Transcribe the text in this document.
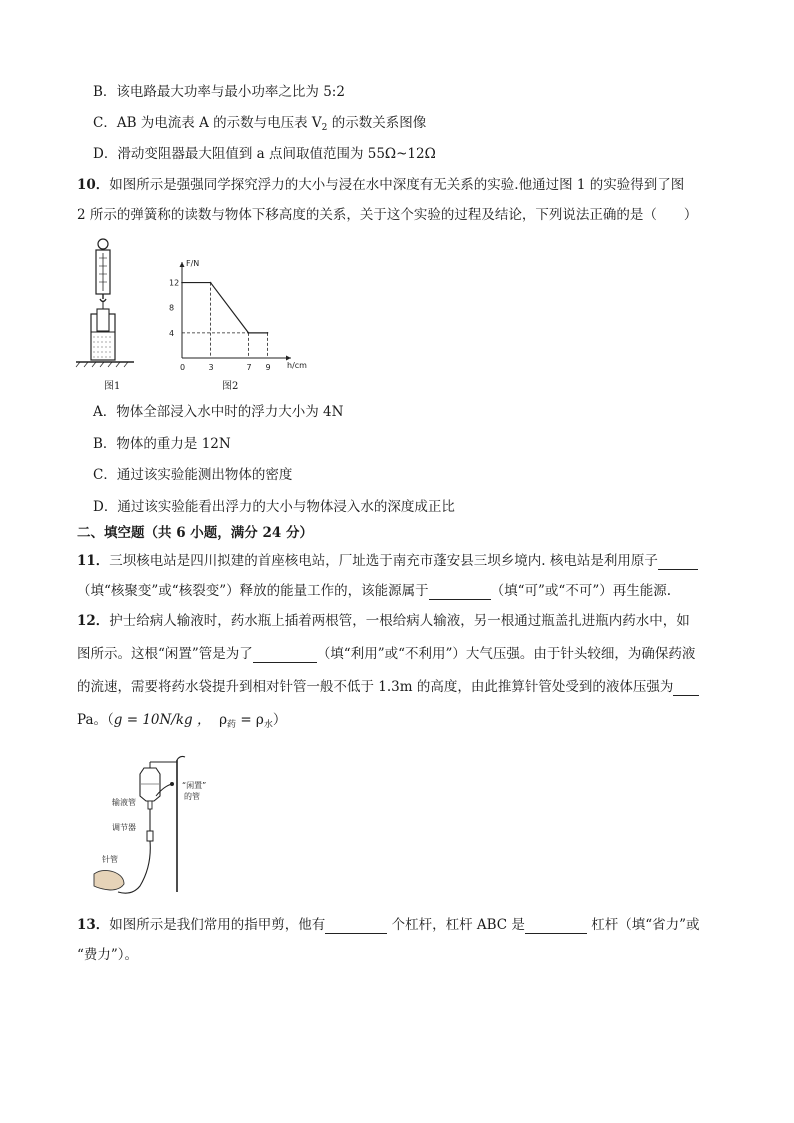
B．该电路最大功率与最小功率之比为 5:2
C．AB 为电流表 A 的示数与电压表 $V_2$ 的示数关系图像
D．滑动变阻器最大阻值到 a 点间取值范围为 55Ω~12Ω
10．如图所示是强强同学探究浮力的大小与浸在水中深度有无关系的实验.他通过图 1 的实验得到了图
2 所示的弹簧称的读数与物体下移高度的关系，关于这个实验的过程及结论，下列说法正确的是（　　）
图1
F/N
h/cm
0	3	7 9
4
8
12
图2
A．物体全部浸入水中时的浮力大小为 4N
B．物体的重力是 12N
C．通过该实验能测出物体的密度
D．通过该实验能看出浮力的大小与物体浸入水的深度成正比
二、填空题（共 6 小题，满分 24 分）
11．三坝核电站是四川拟建的首座核电站，厂址选于南充市蓬安县三坝乡境内. 核电站是利用原子
（填“核聚变”或“核裂变”）释放的能量工作的，该能源属于	（填“可”或“不可”）再生能源.
12．护士给病人输液时，药水瓶上插着两根管，一根给病人输液，另一根通过瓶盖扎进瓶内药水中，如
图所示。这根“闲置”管是为了	（填“利用”或“不利用”）大气压强。由于针头较细，为确保药液
的流速，需要将药水袋提升到相对针管一般不低于 1.3m 的高度，由此推算针管处受到的液体压强为
Pa。（g = 10N/kg ， $\rho_药 = \rho_水$）
“闲置”
的管
输液管
调节器
针管
13．如图所示是我们常用的指甲剪，他有	个杠杆，杠杆 ABC 是	杠杆（填“省力”或
“费力”）。
